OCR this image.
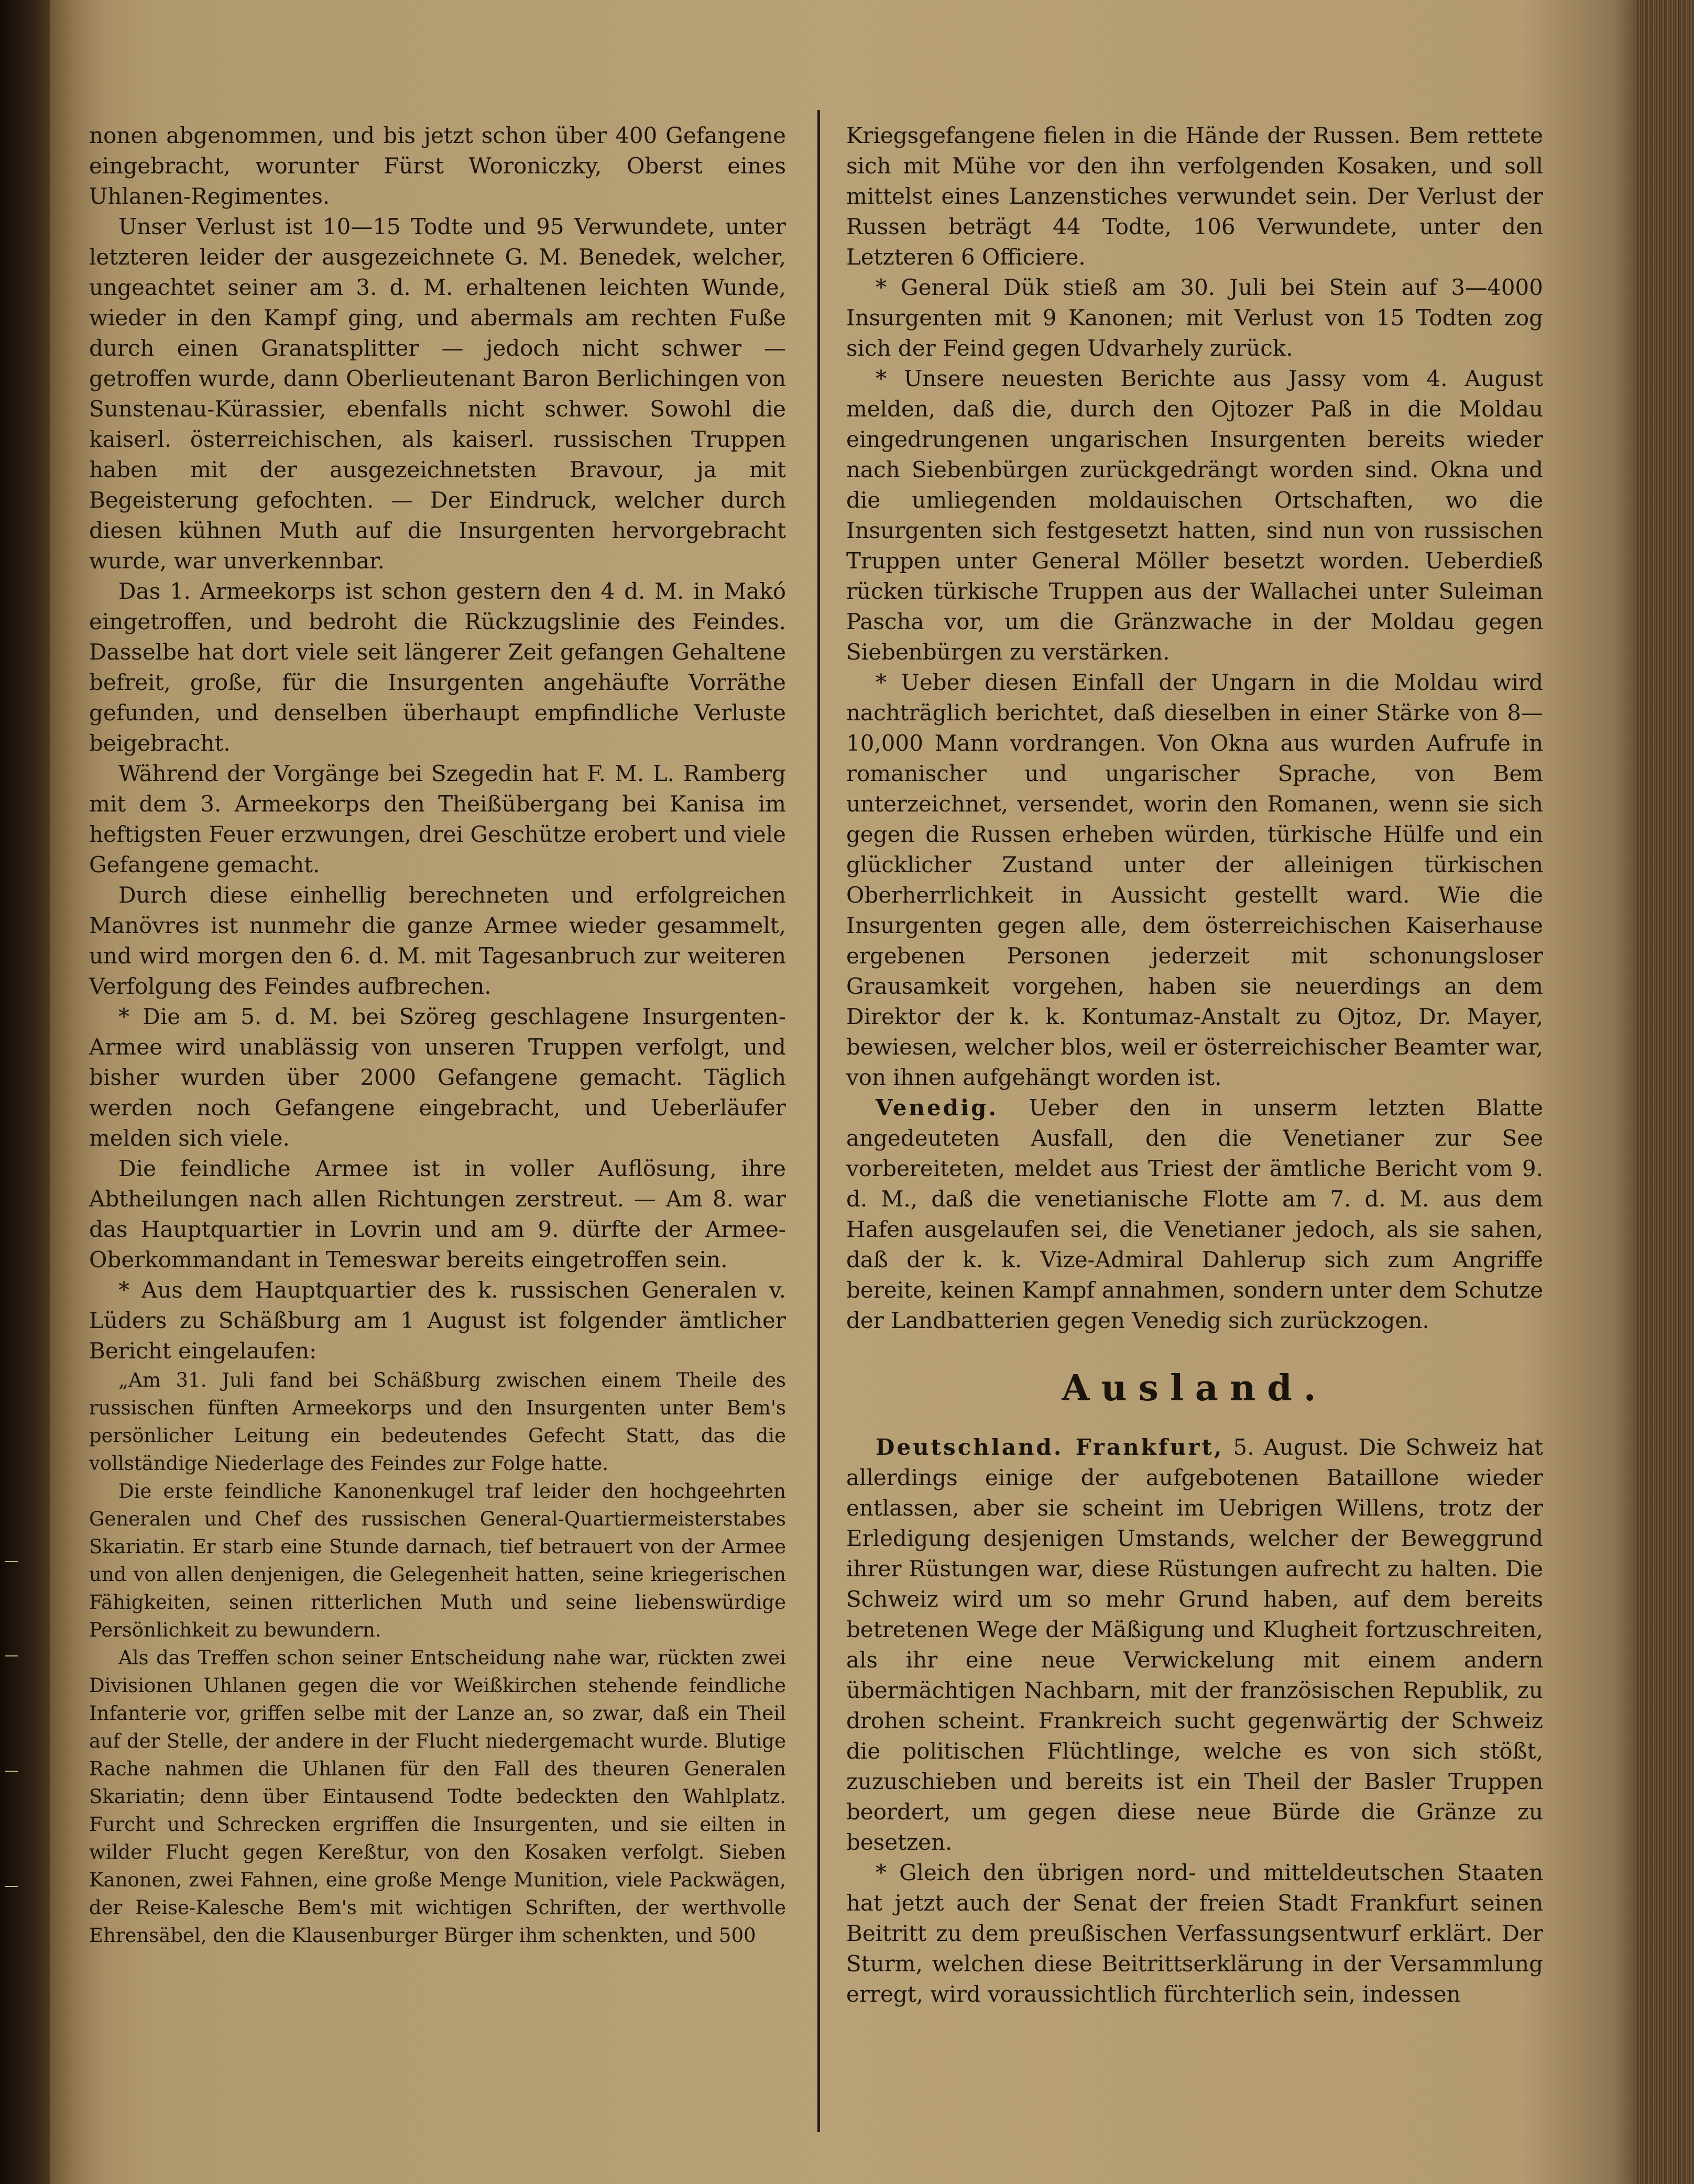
nonen abgenommen, und bis jetzt schon über 400 Gefangene eingebracht, worunter Fürst Woroniczky, Oberst eines Uhlanen-Regimentes.

Unser Verlust ist 10—15 Todte und 95 Verwundete, unter letzteren leider der ausgezeichnete G. M. Benedek, welcher, ungeachtet seiner am 3. d. M. erhaltenen leichten Wunde, wieder in den Kampf ging, und abermals am rechten Fuße durch einen Granatsplitter — jedoch nicht schwer — getroffen wurde, dann Oberlieutenant Baron Berlichingen von Sunstenau-Kürassier, ebenfalls nicht schwer. Sowohl die kaiserl. österreichischen, als kaiserl. russischen Truppen haben mit der ausgezeichnetsten Bravour, ja mit Begeisterung gefochten. — Der Eindruck, welcher durch diesen kühnen Muth auf die Insurgenten hervorgebracht wurde, war unverkennbar.

Das 1. Armeekorps ist schon gestern den 4 d. M. in Makó eingetroffen, und bedroht die Rückzugslinie des Feindes. Dasselbe hat dort viele seit längerer Zeit gefangen Gehaltene befreit, große, für die Insurgenten angehäufte Vorräthe gefunden, und denselben überhaupt empfindliche Verluste beigebracht.

Während der Vorgänge bei Szegedin hat F. M. L. Ramberg mit dem 3. Armeekorps den Theißübergang bei Kanisa im heftigsten Feuer erzwungen, drei Geschütze erobert und viele Gefangene gemacht.

Durch diese einhellig berechneten und erfolgreichen Manövres ist nunmehr die ganze Armee wieder gesammelt, und wird morgen den 6. d. M. mit Tagesanbruch zur weiteren Verfolgung des Feindes aufbrechen.

* Die am 5. d. M. bei Szöreg geschlagene Insurgenten-Armee wird unablässig von unseren Truppen verfolgt, und bisher wurden über 2000 Gefangene gemacht. Täglich werden noch Gefangene eingebracht, und Ueberläufer melden sich viele.

Die feindliche Armee ist in voller Auflösung, ihre Abtheilungen nach allen Richtungen zerstreut. — Am 8. war das Hauptquartier in Lovrin und am 9. dürfte der Armee-Oberkommandant in Temeswar bereits eingetroffen sein.

* Aus dem Hauptquartier des k. russischen Generalen v. Lüders zu Schäßburg am 1 August ist folgender ämtlicher Bericht eingelaufen:

„Am 31. Juli fand bei Schäßburg zwischen einem Theile des russischen fünften Armeekorps und den Insurgenten unter Bem's persönlicher Leitung ein bedeutendes Gefecht Statt, das die vollständige Niederlage des Feindes zur Folge hatte.

Die erste feindliche Kanonenkugel traf leider den hochgeehrten Generalen und Chef des russischen General-Quartiermeisterstabes Skariatin. Er starb eine Stunde darnach, tief betrauert von der Armee und von allen denjenigen, die Gelegenheit hatten, seine kriegerischen Fähigkeiten, seinen ritterlichen Muth und seine liebenswürdige Persönlichkeit zu bewundern.

Als das Treffen schon seiner Entscheidung nahe war, rückten zwei Divisionen Uhlanen gegen die vor Weißkirchen stehende feindliche Infanterie vor, griffen selbe mit der Lanze an, so zwar, daß ein Theil auf der Stelle, der andere in der Flucht niedergemacht wurde. Blutige Rache nahmen die Uhlanen für den Fall des theuren Generalen Skariatin; denn über Eintausend Todte bedeckten den Wahlplatz. Furcht und Schrecken ergriffen die Insurgenten, und sie eilten in wilder Flucht gegen Kereßtur, von den Kosaken verfolgt. Sieben Kanonen, zwei Fahnen, eine große Menge Munition, viele Packwägen, der Reise-Kalesche Bem's mit wichtigen Schriften, der werthvolle Ehrensäbel, den die Klausenburger Bürger ihm schenkten, und 500

Kriegsgefangene fielen in die Hände der Russen. Bem rettete sich mit Mühe vor den ihn verfolgenden Kosaken, und soll mittelst eines Lanzenstiches verwundet sein. Der Verlust der Russen beträgt 44 Todte, 106 Verwundete, unter den Letzteren 6 Officiere.

* General Dük stieß am 30. Juli bei Stein auf 3—4000 Insurgenten mit 9 Kanonen; mit Verlust von 15 Todten zog sich der Feind gegen Udvarhely zurück.

* Unsere neuesten Berichte aus Jassy vom 4. August melden, daß die, durch den Ojtozer Paß in die Moldau eingedrungenen ungarischen Insurgenten bereits wieder nach Siebenbürgen zurückgedrängt worden sind. Okna und die umliegenden moldauischen Ortschaften, wo die Insurgenten sich festgesetzt hatten, sind nun von russischen Truppen unter General Möller besetzt worden. Ueberdieß rücken türkische Truppen aus der Wallachei unter Suleiman Pascha vor, um die Gränzwache in der Moldau gegen Siebenbürgen zu verstärken.

* Ueber diesen Einfall der Ungarn in die Moldau wird nachträglich berichtet, daß dieselben in einer Stärke von 8—10,000 Mann vordrangen. Von Okna aus wurden Aufrufe in romanischer und ungarischer Sprache, von Bem unterzeichnet, versendet, worin den Romanen, wenn sie sich gegen die Russen erheben würden, türkische Hülfe und ein glücklicher Zustand unter der alleinigen türkischen Oberherrlichkeit in Aussicht gestellt ward. Wie die Insurgenten gegen alle, dem österreichischen Kaiserhause ergebenen Personen jederzeit mit schonungsloser Grausamkeit vorgehen, haben sie neuerdings an dem Direktor der k. k. Kontumaz-Anstalt zu Ojtoz, Dr. Mayer, bewiesen, welcher blos, weil er österreichischer Beamter war, von ihnen aufgehängt worden ist.

Venedig. Ueber den in unserm letzten Blatte angedeuteten Ausfall, den die Venetianer zur See vorbereiteten, meldet aus Triest der ämtliche Bericht vom 9. d. M., daß die venetianische Flotte am 7. d. M. aus dem Hafen ausgelaufen sei, die Venetianer jedoch, als sie sahen, daß der k. k. Vize-Admiral Dahlerup sich zum Angriffe bereite, keinen Kampf annahmen, sondern unter dem Schutze der Landbatterien gegen Venedig sich zurückzogen.

Ausland.

Deutschland. Frankfurt, 5. August. Die Schweiz hat allerdings einige der aufgebotenen Bataillone wieder entlassen, aber sie scheint im Uebrigen Willens, trotz der Erledigung desjenigen Umstands, welcher der Beweggrund ihrer Rüstungen war, diese Rüstungen aufrecht zu halten. Die Schweiz wird um so mehr Grund haben, auf dem bereits betretenen Wege der Mäßigung und Klugheit fortzuschreiten, als ihr eine neue Verwickelung mit einem andern übermächtigen Nachbarn, mit der französischen Republik, zu drohen scheint. Frankreich sucht gegenwärtig der Schweiz die politischen Flüchtlinge, welche es von sich stößt, zuzuschieben und bereits ist ein Theil der Basler Truppen beordert, um gegen diese neue Bürde die Gränze zu besetzen.

* Gleich den übrigen nord- und mitteldeutschen Staaten hat jetzt auch der Senat der freien Stadt Frankfurt seinen Beitritt zu dem preußischen Verfassungsentwurf erklärt. Der Sturm, welchen diese Beitrittserklärung in der Versammlung erregt, wird voraussichtlich fürchterlich sein, indessen
